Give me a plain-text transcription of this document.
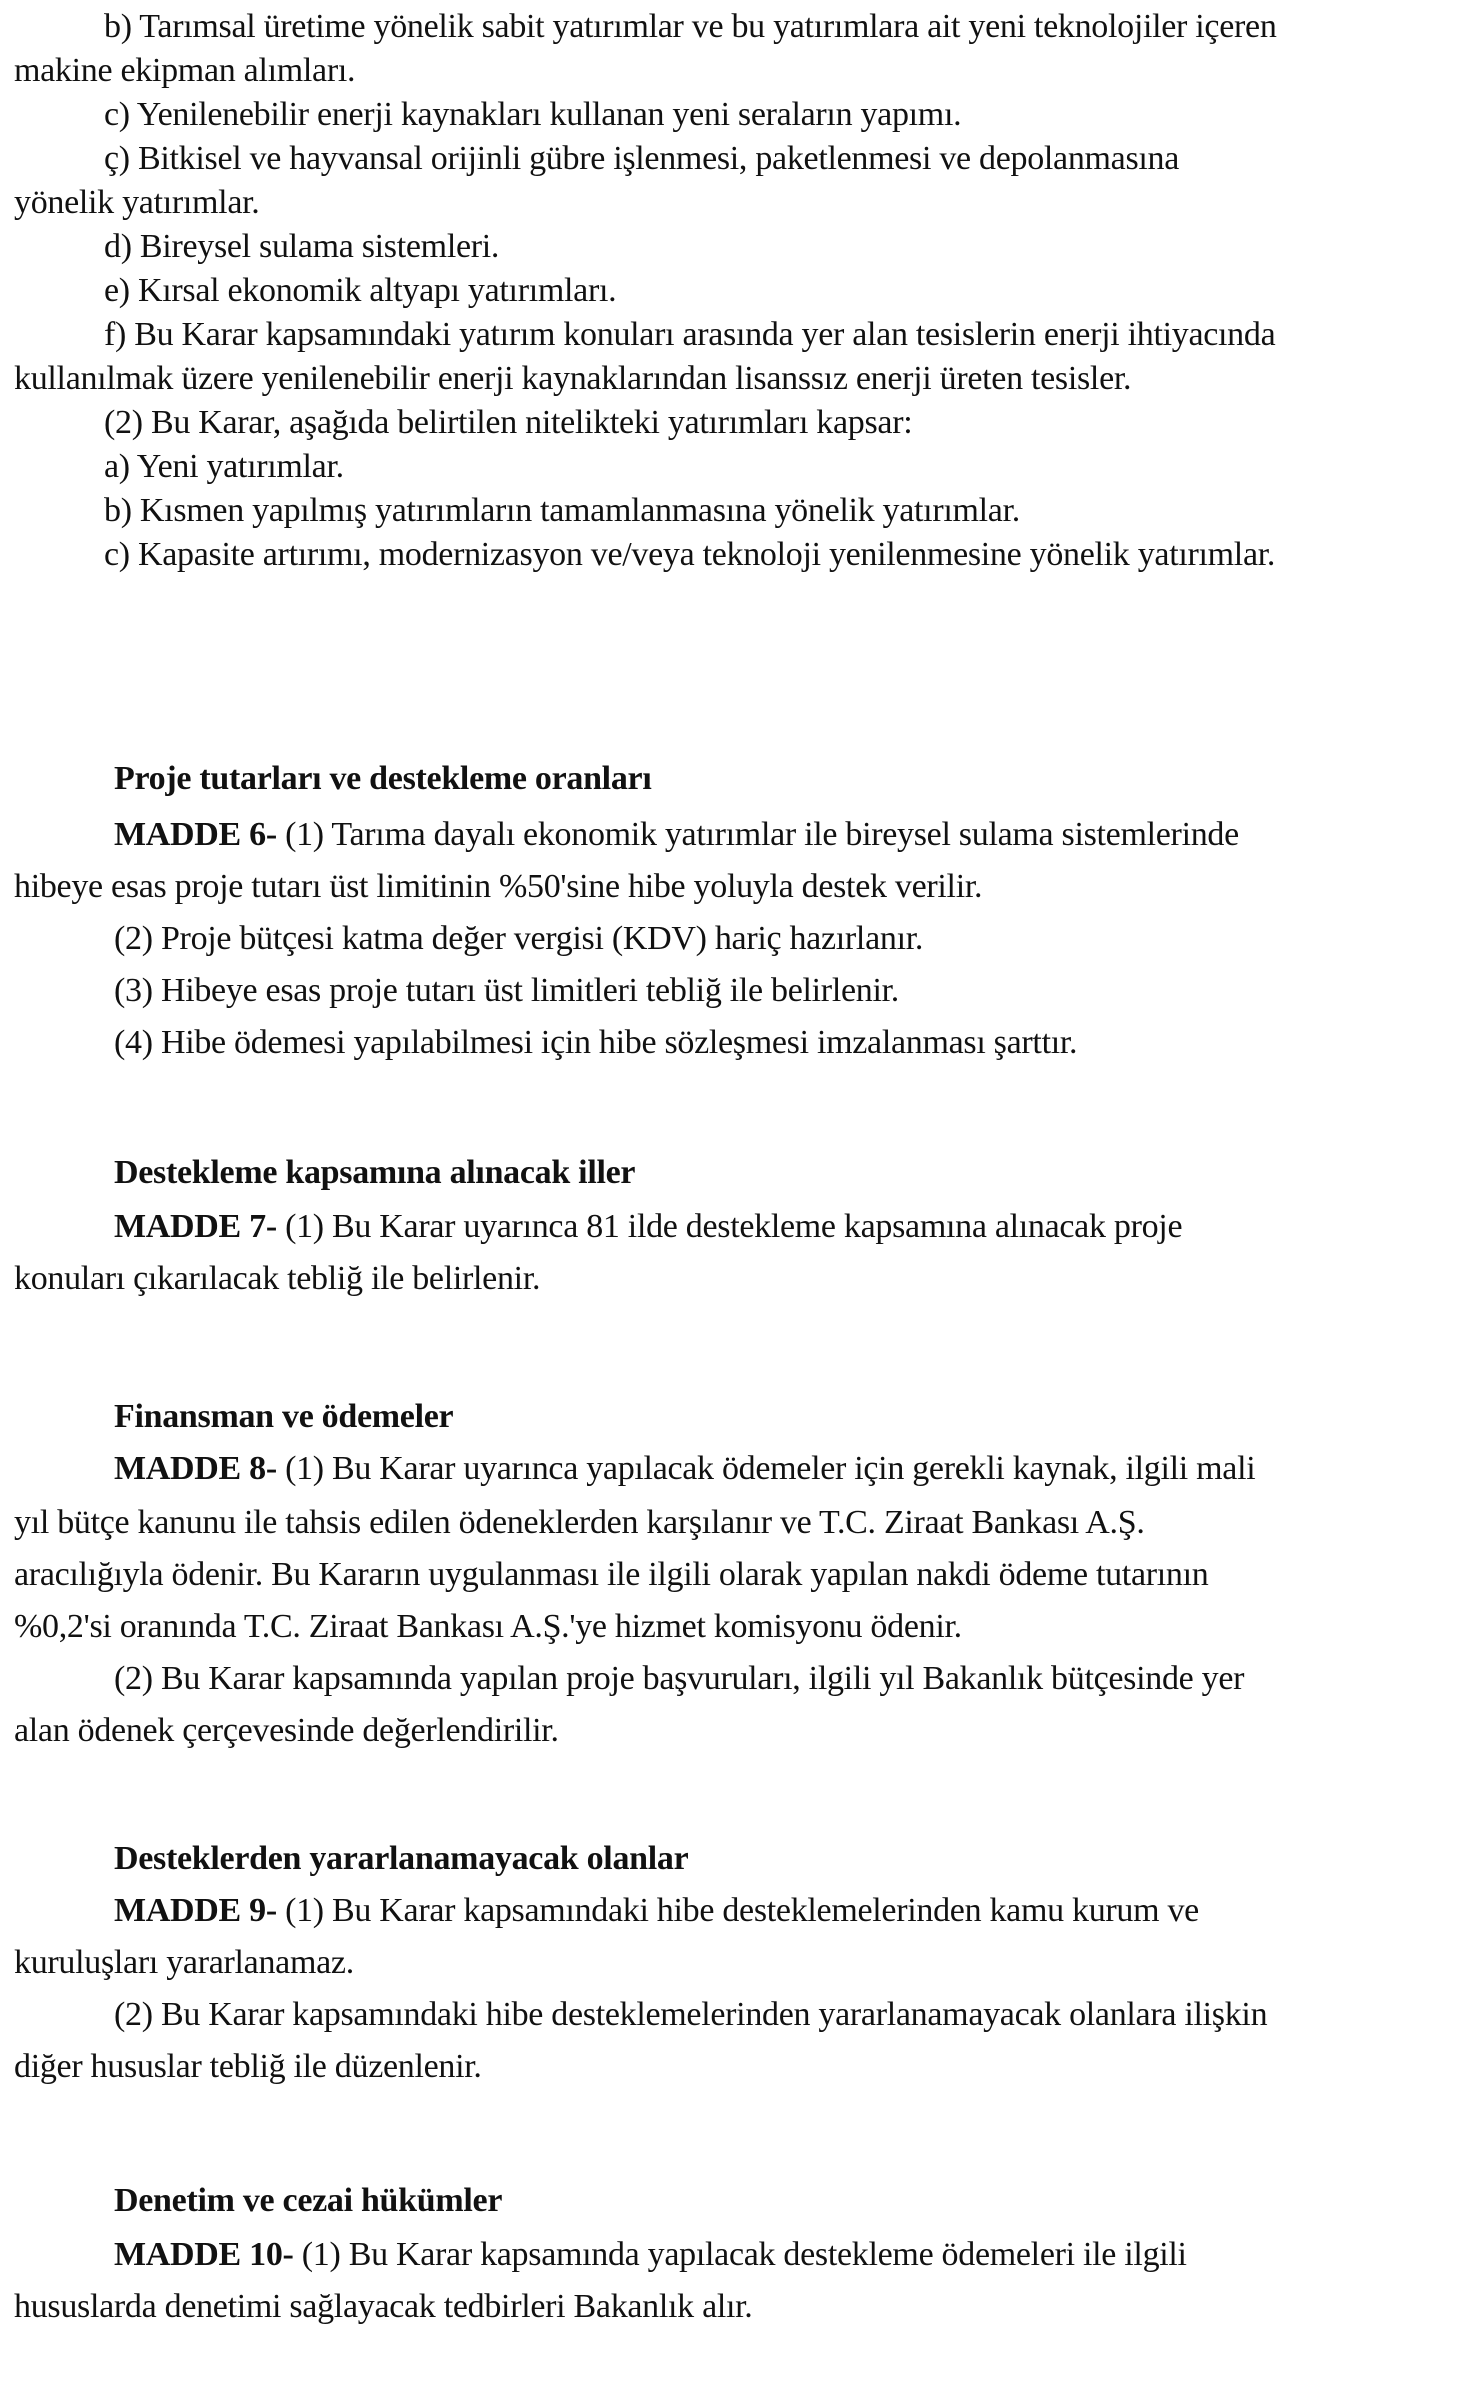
b) Tarımsal üretime yönelik sabit yatırımlar ve bu yatırımlara ait yeni teknolojiler içeren
makine ekipman alımları.
c) Yenilenebilir enerji kaynakları kullanan yeni seraların yapımı.
ç) Bitkisel ve hayvansal orijinli gübre işlenmesi, paketlenmesi ve depolanmasına
yönelik yatırımlar.
d) Bireysel sulama sistemleri.
e) Kırsal ekonomik altyapı yatırımları.
f) Bu Karar kapsamındaki yatırım konuları arasında yer alan tesislerin enerji ihtiyacında
kullanılmak üzere yenilenebilir enerji kaynaklarından lisanssız enerji üreten tesisler.
(2) Bu Karar, aşağıda belirtilen nitelikteki yatırımları kapsar:
a) Yeni yatırımlar.
b) Kısmen yapılmış yatırımların tamamlanmasına yönelik yatırımlar.
c) Kapasite artırımı, modernizasyon ve/veya teknoloji yenilenmesine yönelik yatırımlar.
Proje tutarları ve destekleme oranları
MADDE 6- (1) Tarıma dayalı ekonomik yatırımlar ile bireysel sulama sistemlerinde
hibeye esas proje tutarı üst limitinin %50'sine hibe yoluyla destek verilir.
(2) Proje bütçesi katma değer vergisi (KDV) hariç hazırlanır.
(3) Hibeye esas proje tutarı üst limitleri tebliğ ile belirlenir.
(4) Hibe ödemesi yapılabilmesi için hibe sözleşmesi imzalanması şarttır.
Destekleme kapsamına alınacak iller
MADDE 7- (1) Bu Karar uyarınca 81 ilde destekleme kapsamına alınacak proje
konuları çıkarılacak tebliğ ile belirlenir.
Finansman ve ödemeler
MADDE 8- (1) Bu Karar uyarınca yapılacak ödemeler için gerekli kaynak, ilgili mali
yıl bütçe kanunu ile tahsis edilen ödeneklerden karşılanır ve T.C. Ziraat Bankası A.Ş.
aracılığıyla ödenir. Bu Kararın uygulanması ile ilgili olarak yapılan nakdi ödeme tutarının
%0,2'si oranında T.C. Ziraat Bankası A.Ş.'ye hizmet komisyonu ödenir.
(2) Bu Karar kapsamında yapılan proje başvuruları, ilgili yıl Bakanlık bütçesinde yer
alan ödenek çerçevesinde değerlendirilir.
Desteklerden yararlanamayacak olanlar
MADDE 9- (1) Bu Karar kapsamındaki hibe desteklemelerinden kamu kurum ve
kuruluşları yararlanamaz.
(2) Bu Karar kapsamındaki hibe desteklemelerinden yararlanamayacak olanlara ilişkin
diğer hususlar tebliğ ile düzenlenir.
Denetim ve cezai hükümler
MADDE 10- (1) Bu Karar kapsamında yapılacak destekleme ödemeleri ile ilgili
hususlarda denetimi sağlayacak tedbirleri Bakanlık alır.
